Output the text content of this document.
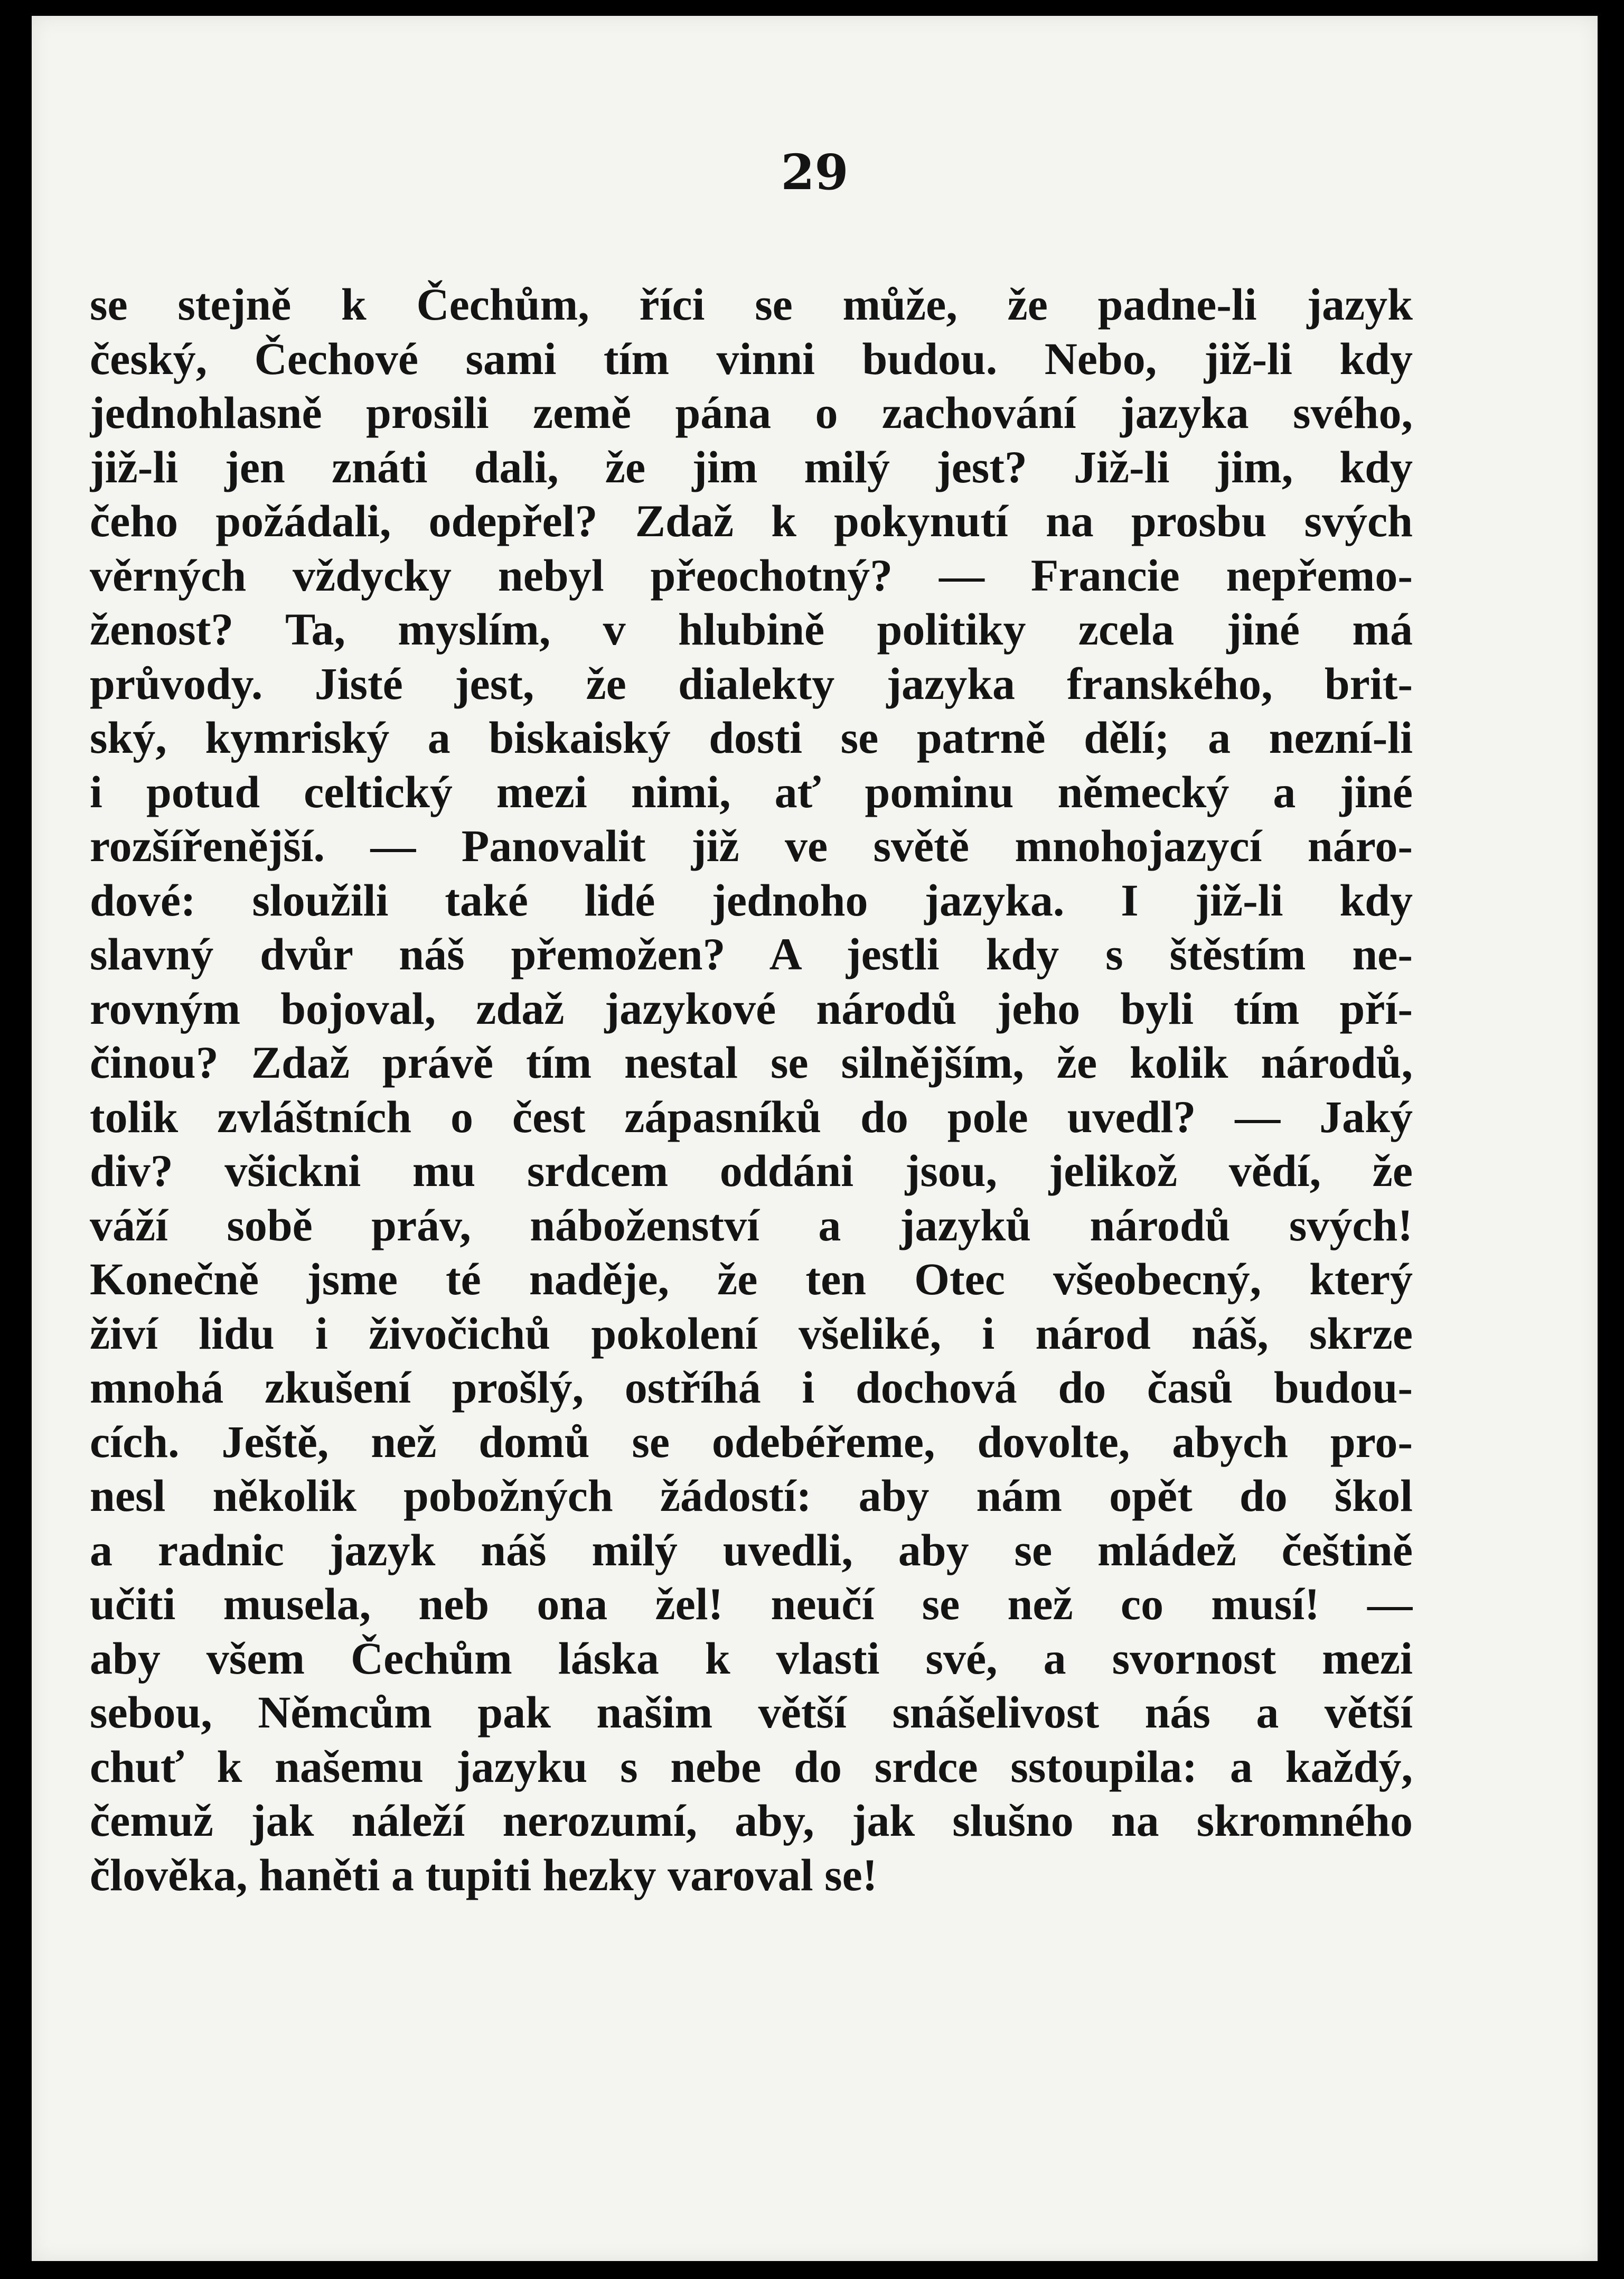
29
se stejně k Čechům, říci se může, že padne-li jazyk
český, Čechové sami tím vinni budou. Nebo, již-li kdy
jednohlasně prosili země pána o zachování jazyka svého,
již-li jen znáti dali, že jim milý jest? Již-li jim, kdy
čeho požádali, odepřel? Zdaž k pokynutí na prosbu svých
věrných vždycky nebyl přeochotný? — Francie nepřemo-
ženost? Ta, myslím, v hlubině politiky zcela jiné má
průvody. Jisté jest, že dialekty jazyka franského, brit-
ský, kymriský a biskaiský dosti se patrně dělí; a nezní-li
i potud celtický mezi nimi, ať pominu německý a jiné
rozšířenější. — Panovalit již ve světě mnohojazycí náro-
dové: sloužili také lidé jednoho jazyka. I již-li kdy
slavný dvůr náš přemožen? A jestli kdy s štěstím ne-
rovným bojoval, zdaž jazykové národů jeho byli tím pří-
činou? Zdaž právě tím nestal se silnějším, že kolik národů,
tolik zvláštních o čest zápasníků do pole uvedl? — Jaký
div? všickni mu srdcem oddáni jsou, jelikož vědí, že
váží sobě práv, náboženství a jazyků národů svých!
Konečně jsme té naděje, že ten Otec všeobecný, který
živí lidu i živočichů pokolení všeliké, i národ náš, skrze
mnohá zkušení prošlý, ostříhá i dochová do časů budou-
cích. Ještě, než domů se odebéřeme, dovolte, abych pro-
nesl několik pobožných žádostí: aby nám opět do škol
a radnic jazyk náš milý uvedli, aby se mládež češtině
učiti musela, neb ona žel! neučí se než co musí! —
aby všem Čechům láska k vlasti své, a svornost mezi
sebou, Němcům pak našim větší snášelivost nás a větší
chuť k našemu jazyku s nebe do srdce sstoupila: a každý,
čemuž jak náleží nerozumí, aby, jak slušno na skromného
člověka, haněti a tupiti hezky varoval se!
